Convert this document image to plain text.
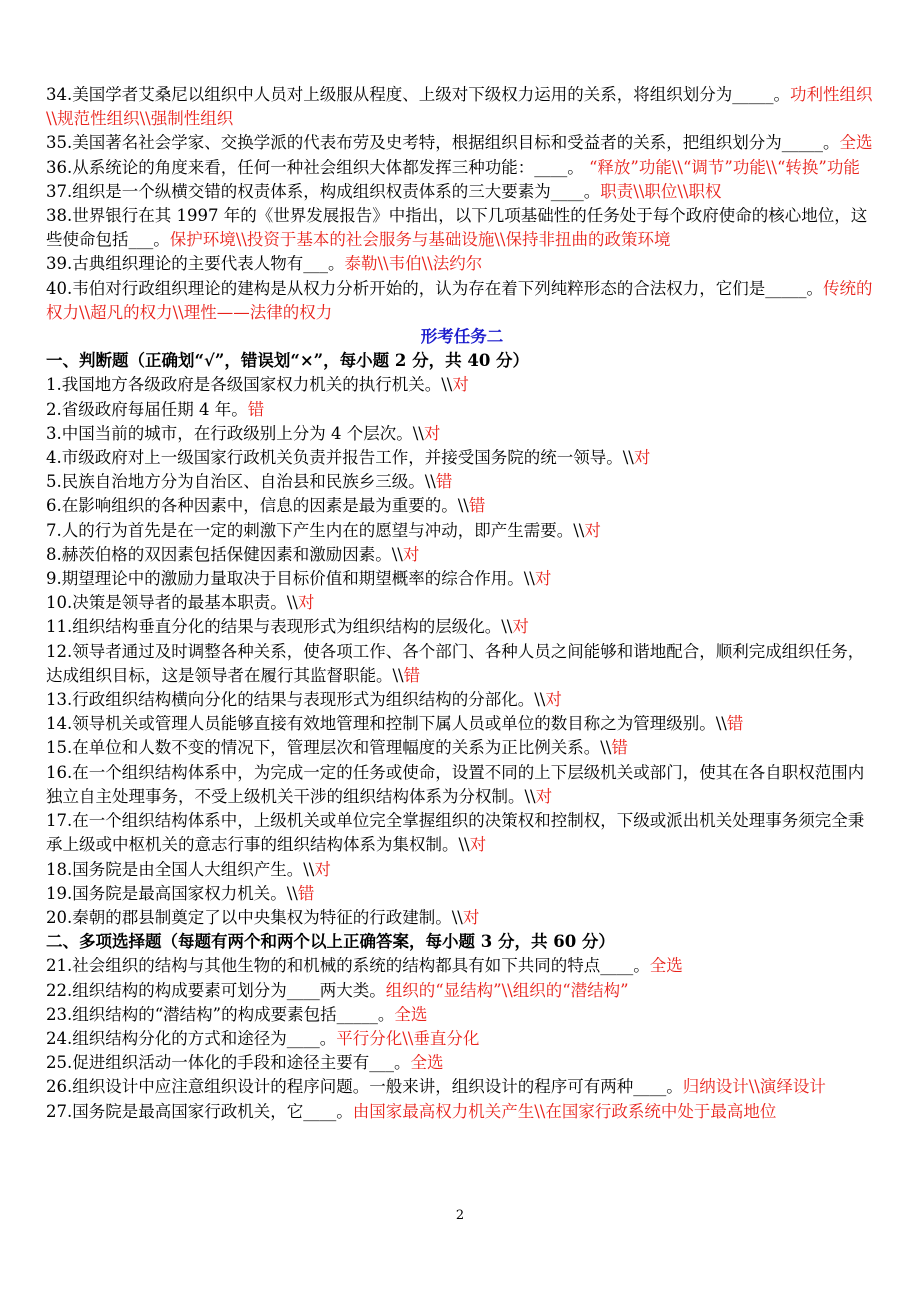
34.美国学者艾桑尼以组织中人员对上级服从程度、上级对下级权力运用的关系，将组织划分为_____。功利性组织\\规范性组织\\强制性组织
35.美国著名社会学家、交换学派的代表布劳及史考特，根据组织目标和受益者的关系，把组织划分为_____。全选
36.从系统论的角度来看，任何一种社会组织大体都发挥三种功能：____。 “释放”功能\\“调节”功能\\“转换”功能
37.组织是一个纵横交错的权责体系，构成组织权责体系的三大要素为____。职责\\职位\\职权
38.世界银行在其 1997 年的《世界发展报告》中指出，以下几项基础性的任务处于每个政府使命的核心地位，这些使命包括___。保护环境\\投资于基本的社会服务与基础设施\\保持非扭曲的政策环境
39.古典组织理论的主要代表人物有___。泰勒\\韦伯\\法约尔
40.韦伯对行政组织理论的建构是从权力分析开始的，认为存在着下列纯粹形态的合法权力，它们是_____。传统的权力\\超凡的权力\\理性——法律的权力
形考任务二
一、判断题（正确划“√”，错误划“×”，每小题 2 分，共 40 分）
1.我国地方各级政府是各级国家权力机关的执行机关。\\对
2.省级政府每届任期 4 年。错
3.中国当前的城市，在行政级别上分为 4 个层次。\\对
4.市级政府对上一级国家行政机关负责并报告工作，并接受国务院的统一领导。\\对
5.民族自治地方分为自治区、自治县和民族乡三级。\\错
6.在影响组织的各种因素中，信息的因素是最为重要的。\\错
7.人的行为首先是在一定的刺激下产生内在的愿望与冲动，即产生需要。\\对
8.赫茨伯格的双因素包括保健因素和激励因素。\\对
9.期望理论中的激励力量取决于目标价值和期望概率的综合作用。\\对
10.决策是领导者的最基本职责。\\对
11.组织结构垂直分化的结果与表现形式为组织结构的层级化。\\对
12.领导者通过及时调整各种关系，使各项工作、各个部门、各种人员之间能够和谐地配合，顺利完成组织任务，达成组织目标，这是领导者在履行其监督职能。\\错
13.行政组织结构横向分化的结果与表现形式为组织结构的分部化。\\对
14.领导机关或管理人员能够直接有效地管理和控制下属人员或单位的数目称之为管理级别。\\错
15.在单位和人数不变的情况下，管理层次和管理幅度的关系为正比例关系。\\错
16.在一个组织结构体系中，为完成一定的任务或使命，设置不同的上下层级机关或部门，使其在各自职权范围内独立自主处理事务，不受上级机关干涉的组织结构体系为分权制。\\对
17.在一个组织结构体系中，上级机关或单位完全掌握组织的决策权和控制权，下级或派出机关处理事务须完全秉承上级或中枢机关的意志行事的组织结构体系为集权制。\\对
18.国务院是由全国人大组织产生。\\对
19.国务院是最高国家权力机关。\\错
20.秦朝的郡县制奠定了以中央集权为特征的行政建制。\\对
二、多项选择题（每题有两个和两个以上正确答案，每小题 3 分，共 60 分）
21.社会组织的结构与其他生物的和机械的系统的结构都具有如下共同的特点____。全选
22.组织结构的构成要素可划分为____两大类。组织的“显结构”\\组织的“潜结构”
23.组织结构的“潜结构”的构成要素包括_____。全选
24.组织结构分化的方式和途径为____。平行分化\\垂直分化
25.促进组织活动一体化的手段和途径主要有___。全选
26.组织设计中应注意组织设计的程序问题。一般来讲，组织设计的程序可有两种____。归纳设计\\演绎设计
27.国务院是最高国家行政机关，它____。由国家最高权力机关产生\\在国家行政系统中处于最高地位
2
